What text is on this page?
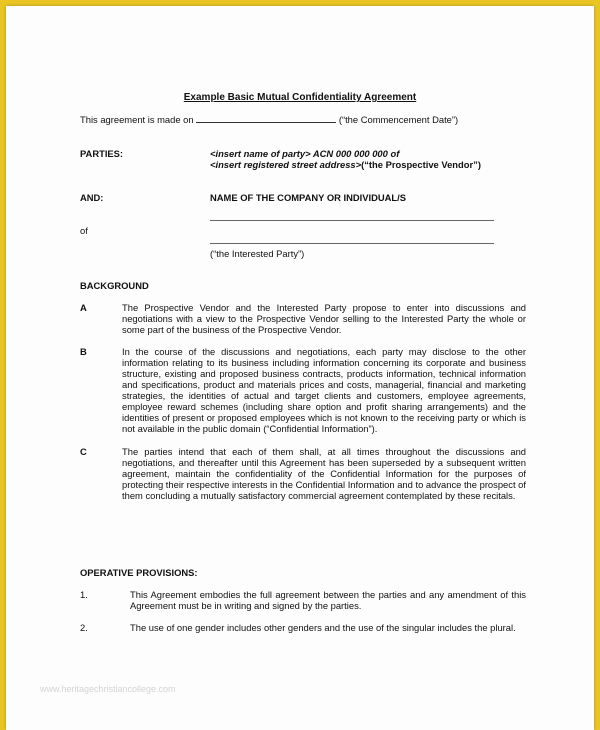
Example Basic Mutual Confidentiality Agreement
This agreement is made on	(“the Commencement Date”)
PARTIES:	<insert name of party> ACN 000 000 000 of
<insert registered street address>(“the Prospective Vendor”)
AND:	NAME OF THE COMPANY OR INDIVIDUAL/S
of
(“the Interested Party”)
BACKGROUND
A	The Prospective Vendor and the Interested Party propose to enter into discussions and negotiations with a view to the Prospective Vendor selling to the Interested Party the whole or some part of the business of the Prospective Vendor.
B	In the course of the discussions and negotiations, each party may disclose to the other information relating to its business including information concerning its corporate and business structure, existing and proposed business contracts, products information, technical information and specifications, product and materials prices and costs, managerial, financial and marketing strategies, the identities of actual and target clients and customers, employee agreements, employee reward schemes (including share option and profit sharing arrangements) and the identities of present or proposed employees which is not known to the receiving party or which is not available in the public domain (“Confidential Information”).
C	The parties intend that each of them shall, at all times throughout the discussions and negotiations, and thereafter until this Agreement has been superseded by a subsequent written agreement, maintain the confidentiality of the Confidential Information for the purposes of protecting their respective interests in the Confidential Information and to advance the prospect of them concluding a mutually satisfactory commercial agreement contemplated by these recitals.
OPERATIVE PROVISIONS:
1.	This Agreement embodies the full agreement between the parties and any amendment of this Agreement must be in writing and signed by the parties.
2.	The use of one gender includes other genders and the use of the singular includes the plural.
www.heritagechristiancollege.com
